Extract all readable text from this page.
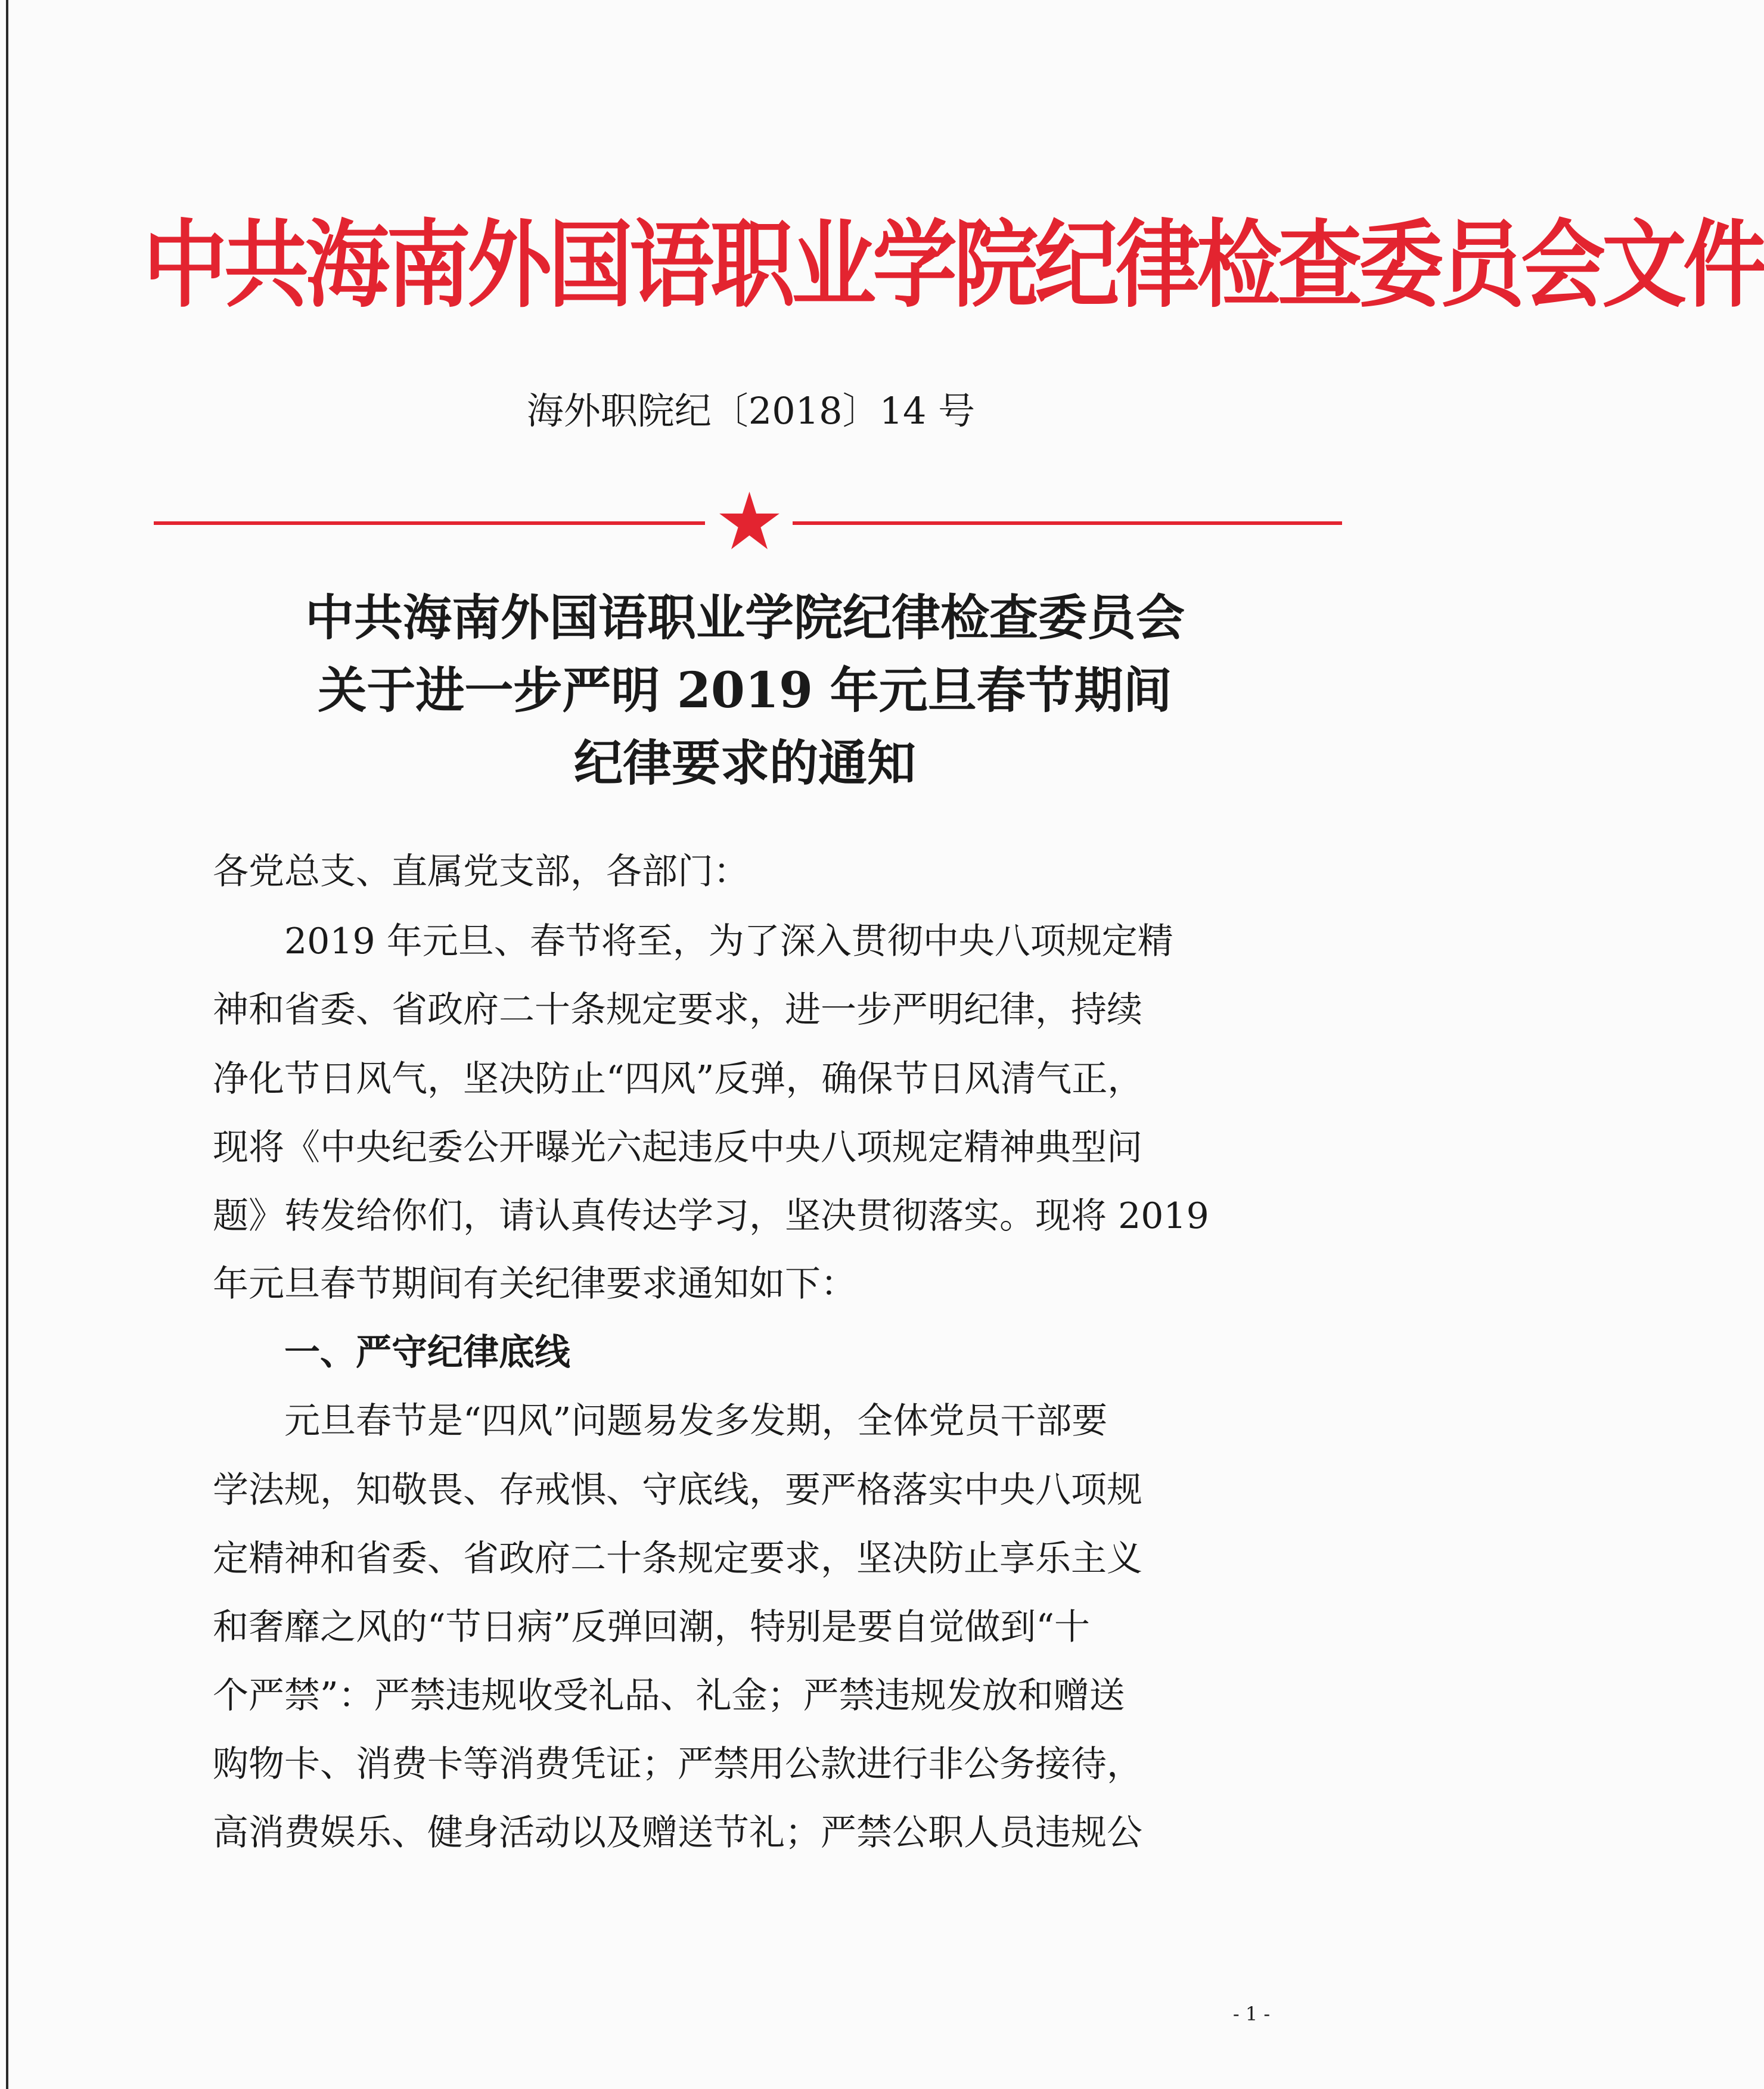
中共海南外国语职业学院纪律检查委员会文件
海外职院纪〔2018〕14 号
中共海南外国语职业学院纪律检查委员会
关于进一步严明 2019 年元旦春节期间
纪律要求的通知
各党总支、直属党支部，各部门：
2019 年元旦、春节将至，为了深入贯彻中央八项规定精
神和省委、省政府二十条规定要求，进一步严明纪律，持续
净化节日风气，坚决防止“四风”反弹，确保节日风清气正，
现将《中央纪委公开曝光六起违反中央八项规定精神典型问
题》转发给你们，请认真传达学习，坚决贯彻落实。现将 2019
年元旦春节期间有关纪律要求通知如下：
一、严守纪律底线
元旦春节是“四风”问题易发多发期，全体党员干部要
学法规，知敬畏、存戒惧、守底线，要严格落实中央八项规
定精神和省委、省政府二十条规定要求，坚决防止享乐主义
和奢靡之风的“节日病”反弹回潮，特别是要自觉做到“十
个严禁”：严禁违规收受礼品、礼金；严禁违规发放和赠送
购物卡、消费卡等消费凭证；严禁用公款进行非公务接待，
高消费娱乐、健身活动以及赠送节礼；严禁公职人员违规公
- 1 -
